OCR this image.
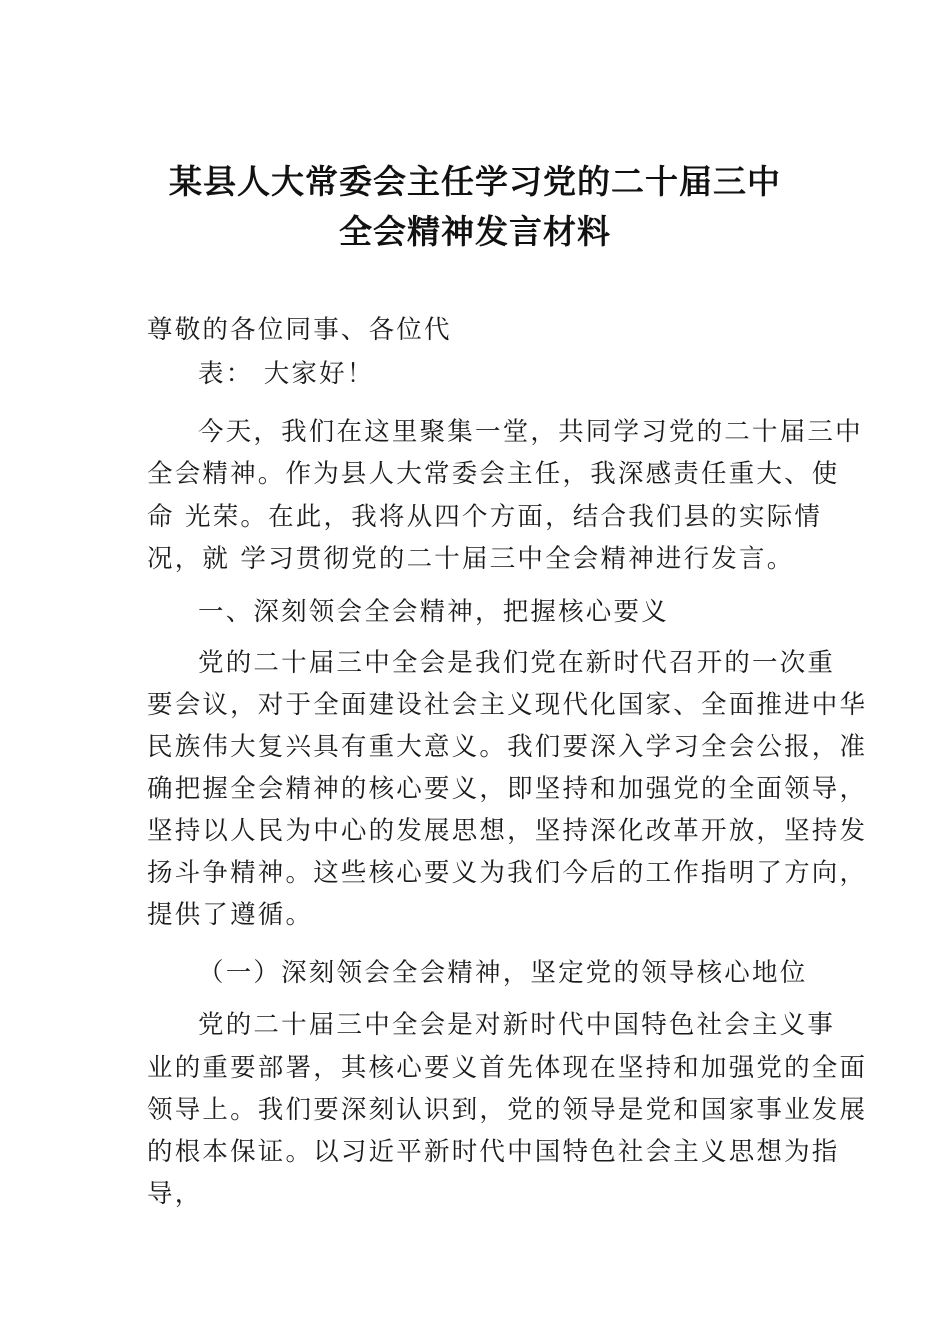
某县人大常委会主任学习党的二十届三中
全会精神发言材料
尊敬的各位同事、各位代
表： 大家好！
今天，我们在这里聚集一堂，共同学习党的二十届三中
全会精神。作为县人大常委会主任，我深感责任重大、使
命 光荣。在此，我将从四个方面，结合我们县的实际情
况，就 学习贯彻党的二十届三中全会精神进行发言。
一、深刻领会全会精神，把握核心要义
党的二十届三中全会是我们党在新时代召开的一次重
要会议，对于全面建设社会主义现代化国家、全面推进中华
民族伟大复兴具有重大意义。我们要深入学习全会公报，准
确把握全会精神的核心要义，即坚持和加强党的全面领导，
坚持以人民为中心的发展思想，坚持深化改革开放，坚持发
扬斗争精神。这些核心要义为我们今后的工作指明了方向，
提供了遵循。
（一）深刻领会全会精神，坚定党的领导核心地位
党的二十届三中全会是对新时代中国特色社会主义事
业的重要部署，其核心要义首先体现在坚持和加强党的全面
领导上。我们要深刻认识到，党的领导是党和国家事业发展
的根本保证。以习近平新时代中国特色社会主义思想为指
导，
